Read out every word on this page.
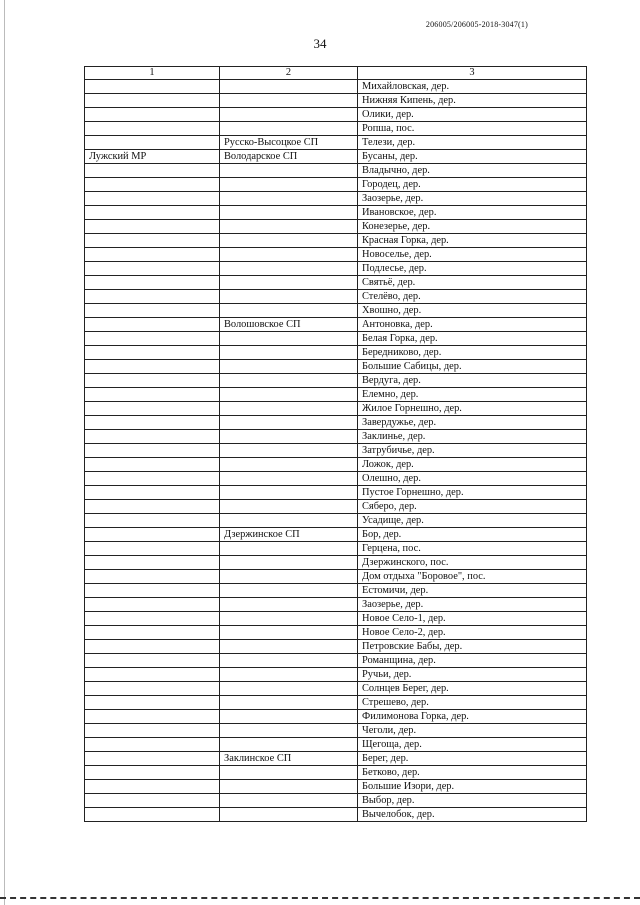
206005/206005-2018-3047(1)
34
1	2	3
		Михайловская, дер.
		Нижняя Кипень, дер.
		Олики, дер.
		Ропша, пос.
	Русско-Высоцкое СП	Телези, дер.
Лужский МР	Володарское СП	Бусаны, дер.
		Владычно, дер.
		Городец, дер.
		Заозерье, дер.
		Ивановское, дер.
		Конезерье, дер.
		Красная Горка, дер.
		Новоселье, дер.
		Подлесье, дер.
		Святьё, дер.
		Стелёво, дер.
		Хвошно, дер.
	Волошовское СП	Антоновка, дер.
		Белая Горка, дер.
		Бередниково, дер.
		Большие Сабицы, дер.
		Вердуга, дер.
		Елемно, дер.
		Жилое Горнешно, дер.
		Завердужье, дер.
		Заклинье, дер.
		Затрубичье, дер.
		Ложок, дер.
		Олешно, дер.
		Пустое Горнешно, дер.
		Сяберо, дер.
		Усадище, дер.
	Дзержинское СП	Бор, дер.
		Герцена, пос.
		Дзержинского, пос.
		Дом отдыха "Боровое", пос.
		Естомичи, дер.
		Заозерье, дер.
		Новое Село-1, дер.
		Новое Село-2, дер.
		Петровские Бабы, дер.
		Романщина, дер.
		Ручьи, дер.
		Солнцев Берег, дер.
		Стрешево, дер.
		Филимонова Горка, дер.
		Чеголи, дер.
		Щегоща, дер.
	Заклинское СП	Берег, дер.
		Бетково, дер.
		Большие Изори, дер.
		Выбор, дер.
		Вычелобок, дер.
